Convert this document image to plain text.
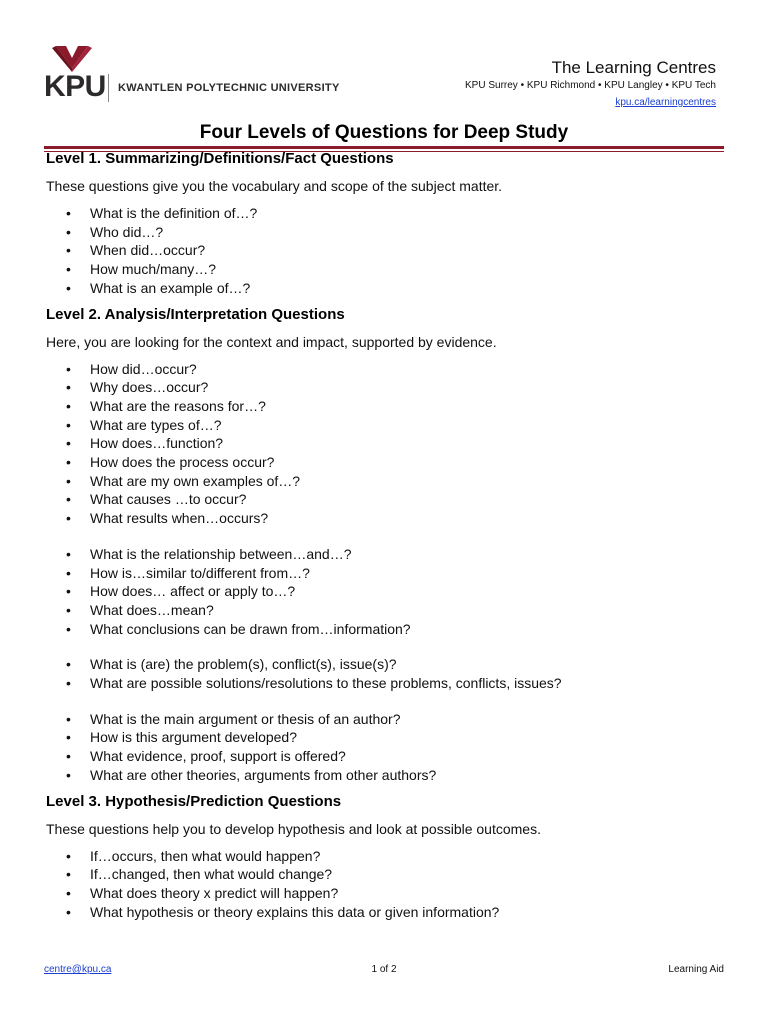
KPU KWANTLEN POLYTECHNIC UNIVERSITY
The Learning Centres
KPU Surrey • KPU Richmond • KPU Langley • KPU Tech
kpu.ca/learningcentres
Four Levels of Questions for Deep Study
Level 1. Summarizing/Definitions/Fact Questions
These questions give you the vocabulary and scope of the subject matter.
• What is the definition of…?
• Who did…?
• When did…occur?
• How much/many…?
• What is an example of…?
Level 2. Analysis/Interpretation Questions
Here, you are looking for the context and impact, supported by evidence.
• How did…occur?
• Why does…occur?
• What are the reasons for…?
• What are types of…?
• How does…function?
• How does the process occur?
• What are my own examples of…?
• What causes …to occur?
• What results when…occurs?
• What is the relationship between…and…?
• How is…similar to/different from…?
• How does… affect or apply to…?
• What does…mean?
• What conclusions can be drawn from…information?
• What is (are) the problem(s), conflict(s), issue(s)?
• What are possible solutions/resolutions to these problems, conflicts, issues?
• What is the main argument or thesis of an author?
• How is this argument developed?
• What evidence, proof, support is offered?
• What are other theories, arguments from other authors?
Level 3. Hypothesis/Prediction Questions
These questions help you to develop hypothesis and look at possible outcomes.
• If…occurs, then what would happen?
• If…changed, then what would change?
• What does theory x predict will happen?
• What hypothesis or theory explains this data or given information?
centre@kpu.ca	1 of 2	Learning Aid
